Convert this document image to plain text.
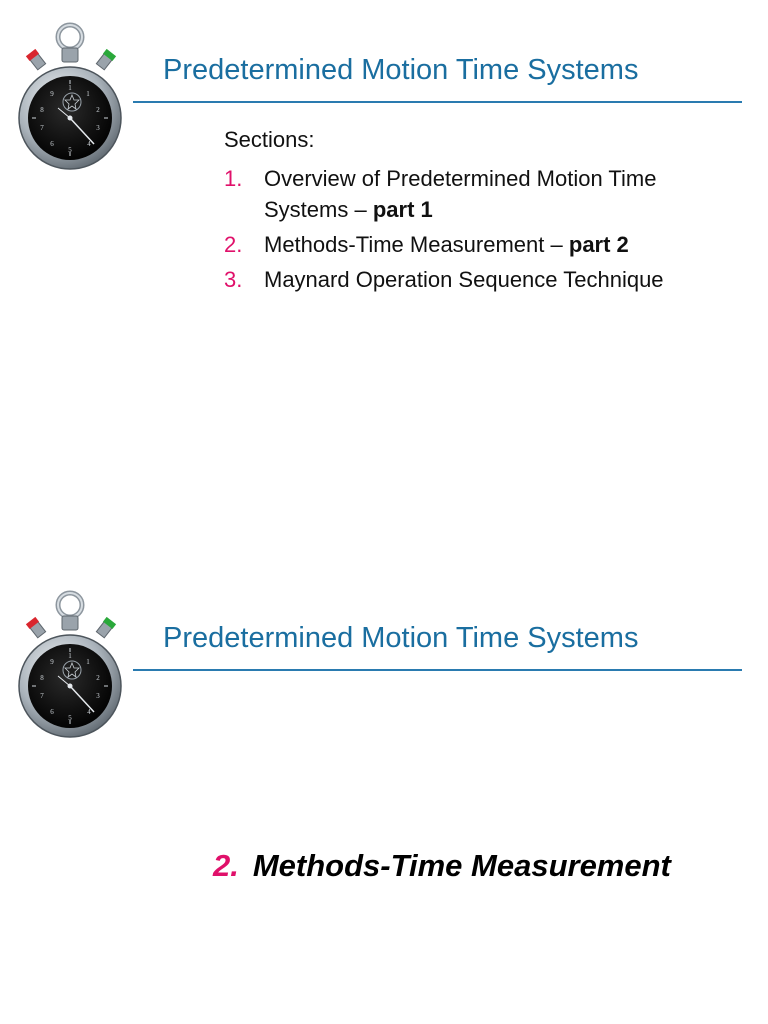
Predetermined Motion Time Systems
Sections:
1. Overview of Predetermined Motion Time Systems – part 1
2. Methods-Time Measurement – part 2
3. Maynard Operation Sequence Technique
Predetermined Motion Time Systems
2. Methods-Time Measurement
